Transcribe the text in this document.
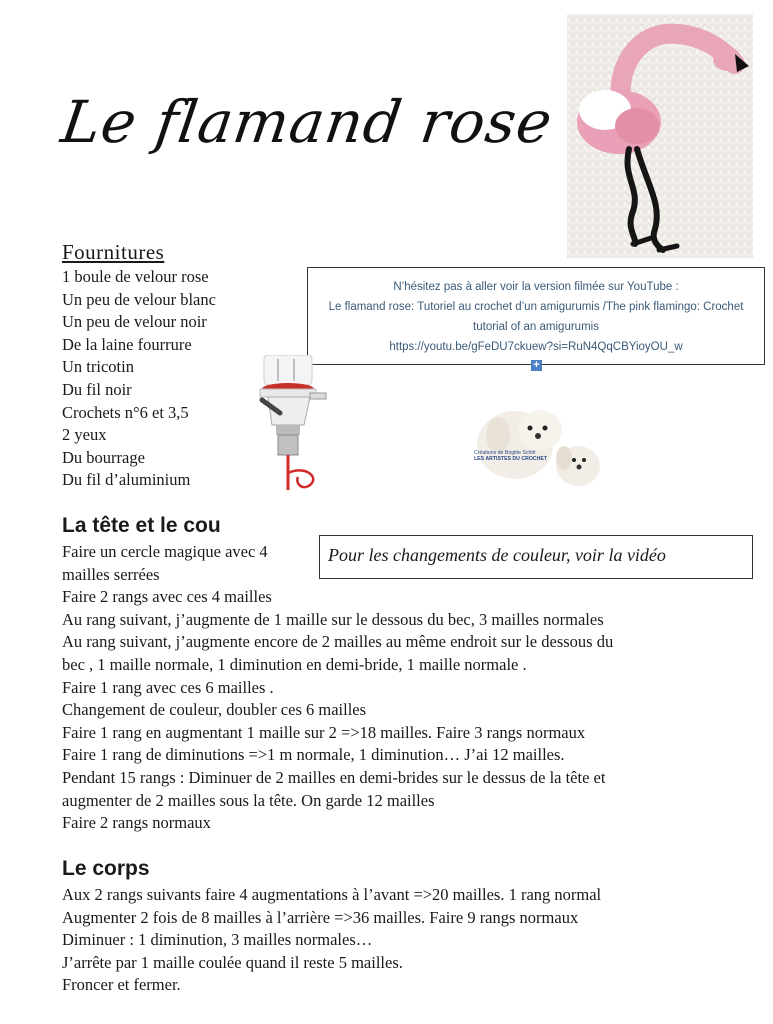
Le flamand rose
Fournitures
1 boule de velour rose
Un peu de velour blanc
Un peu de velour noir
De la laine fourrure
Un tricotin
Du fil noir
Crochets n°6 et 3,5
2 yeux
Du bourrage
Du fil d’aluminium
N’hésitez pas à aller voir la version filmée sur YouTube :
Le flamand rose: Tutoriel au crochet d’un amigurumis /The pink flamingo: Crochet
tutorial of an amigurumis
https://youtu.be/gFeDU7ckuew?si=RuN4QqCBYioyOU_w
+
Créations de Brigitte Schitt
LES ARTISTES DU CROCHET
La tête et le cou
Pour les changements de couleur, voir la vidéo
Faire un cercle magique avec 4
mailles serrées
Faire 2 rangs avec ces 4 mailles
Au rang suivant, j’augmente de 1 maille sur le dessous du bec, 3 mailles normales
Au rang suivant, j’augmente encore de 2 mailles au même endroit sur le dessous du
bec , 1 maille normale, 1 diminution en demi-bride, 1 maille normale .
Faire 1 rang avec ces 6 mailles .
Changement de couleur, doubler ces 6 mailles
Faire 1 rang en augmentant 1 maille sur 2 =>18 mailles. Faire 3 rangs normaux
Faire 1 rang de diminutions =>1 m normale, 1 diminution… J’ai 12 mailles.
Pendant 15 rangs : Diminuer de 2 mailles en demi-brides sur le dessus de la tête et
augmenter de 2 mailles sous la tête. On garde 12 mailles
Faire 2 rangs normaux
Le corps
Aux 2 rangs suivants faire 4 augmentations à l’avant =>20 mailles. 1 rang normal
Augmenter 2 fois de 8 mailles à l’arrière =>36 mailles. Faire 9 rangs normaux
Diminuer : 1 diminution, 3 mailles normales…
J’arrête par 1 maille coulée quand il reste 5 mailles.
Froncer et fermer.
